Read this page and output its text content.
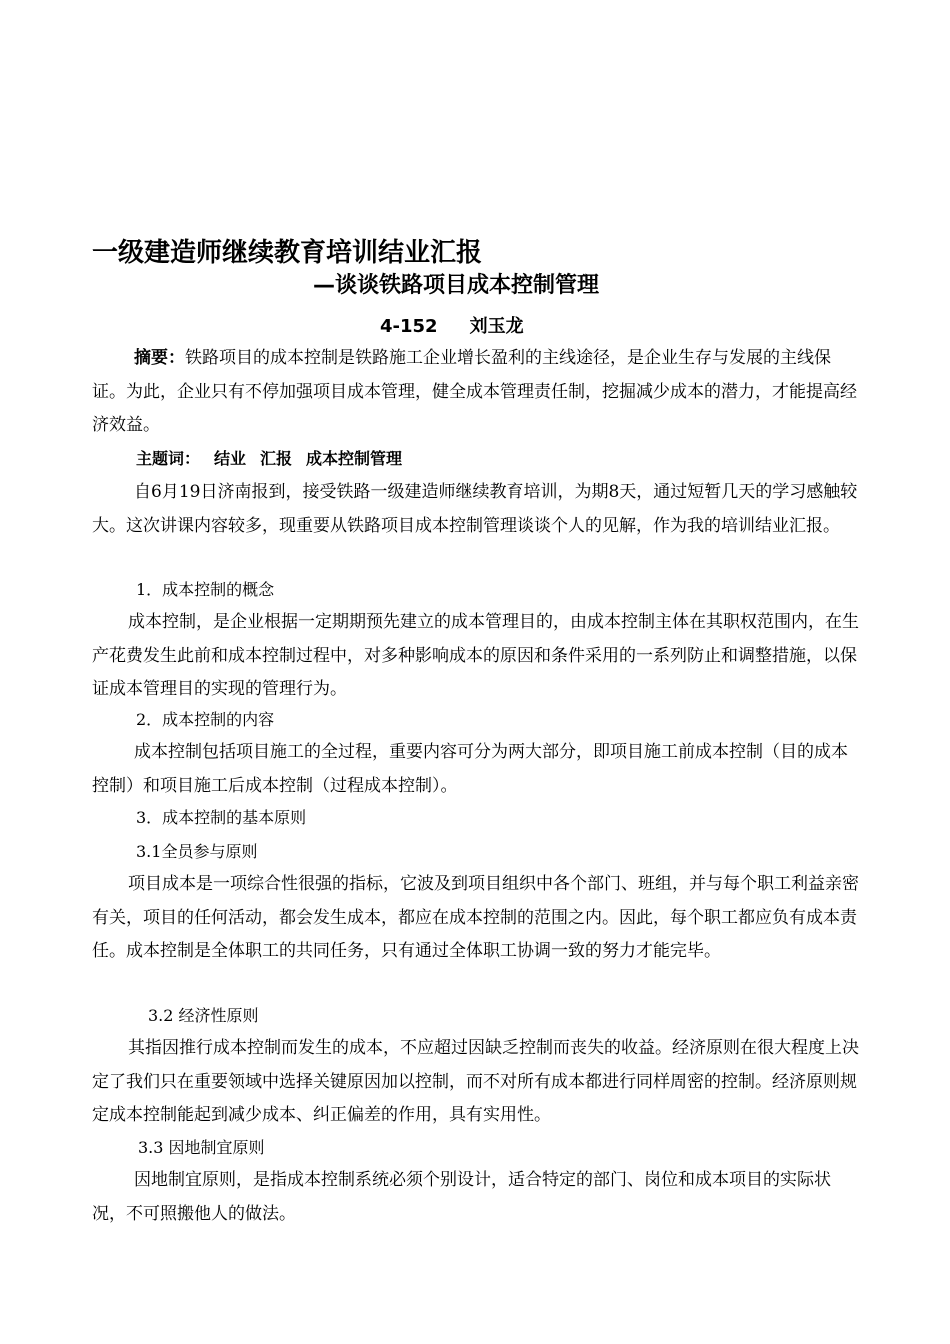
一级建造师继续教育培训结业汇报
—谈谈铁路项目成本控制管理
4-152 刘玉龙

摘要：铁路项目的成本控制是铁路施工企业增长盈利的主线途径，是企业生存与发展的主线保证。为此，企业只有不停加强项目成本管理，健全成本管理责任制，挖掘减少成本的潜力，才能提高经济效益。

主题词： 结业 汇报 成本控制管理

自6月19日济南报到，接受铁路一级建造师继续教育培训，为期8天，通过短暂几天的学习感触较大。这次讲课内容较多，现重要从铁路项目成本控制管理谈谈个人的见解，作为我的培训结业汇报。

1．成本控制的概念

成本控制，是企业根据一定期期预先建立的成本管理目的，由成本控制主体在其职权范围内，在生产花费发生此前和成本控制过程中，对多种影响成本的原因和条件采用的一系列防止和调整措施，以保证成本管理目的实现的管理行为。

2．成本控制的内容

成本控制包括项目施工的全过程，重要内容可分为两大部分，即项目施工前成本控制（目的成本控制）和项目施工后成本控制（过程成本控制）。

3．成本控制的基本原则

3.1全员参与原则

项目成本是一项综合性很强的指标，它波及到项目组织中各个部门、班组，并与每个职工利益亲密有关，项目的任何活动，都会发生成本，都应在成本控制的范围之内。因此，每个职工都应负有成本责任。成本控制是全体职工的共同任务，只有通过全体职工协调一致的努力才能完毕。

3.2 经济性原则

其指因推行成本控制而发生的成本，不应超过因缺乏控制而丧失的收益。经济原则在很大程度上决定了我们只在重要领域中选择关键原因加以控制，而不对所有成本都进行同样周密的控制。经济原则规定成本控制能起到减少成本、纠正偏差的作用，具有实用性。

3.3 因地制宜原则

因地制宜原则，是指成本控制系统必须个别设计，适合特定的部门、岗位和成本项目的实际状况，不可照搬他人的做法。
